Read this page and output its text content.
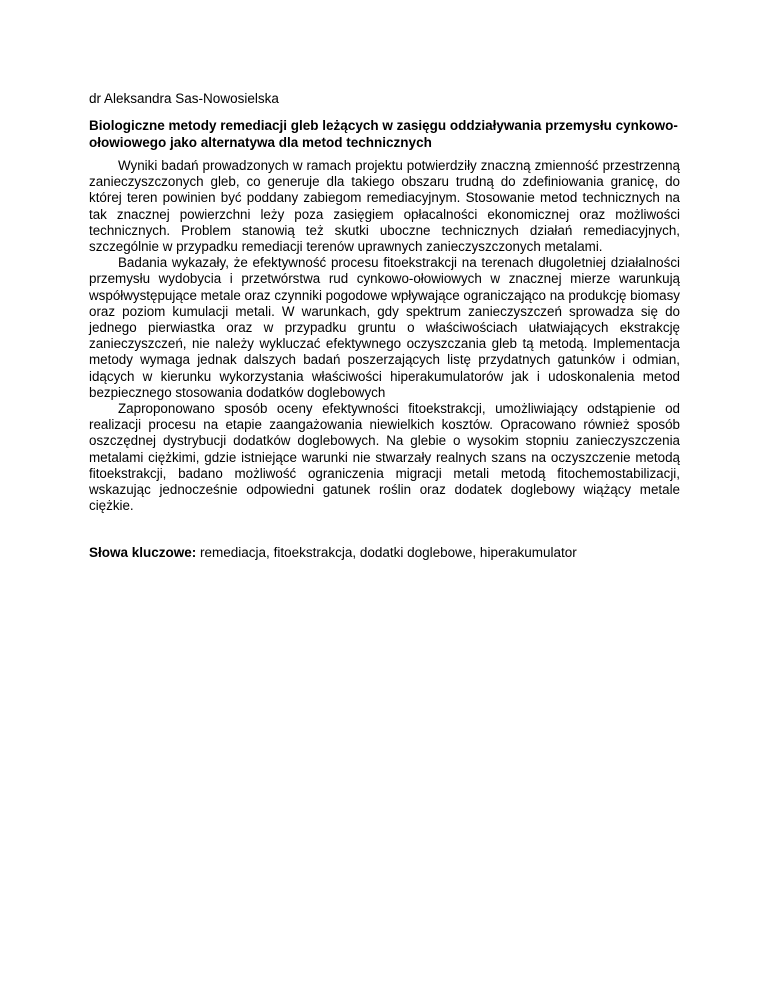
dr Aleksandra Sas-Nowosielska

Biologiczne metody remediacji gleb leżących w zasięgu oddziaływania przemysłu cynkowo-ołowiowego jako alternatywa dla metod technicznych

Wyniki badań prowadzonych w ramach projektu potwierdziły znaczną zmienność przestrzenną zanieczyszczonych gleb, co generuje dla takiego obszaru trudną do zdefiniowania granicę, do której teren powinien być poddany zabiegom remediacyjnym. Stosowanie metod technicznych na tak znacznej powierzchni leży poza zasięgiem opłacalności ekonomicznej oraz możliwości technicznych. Problem stanowią też skutki uboczne technicznych działań remediacyjnych, szczególnie w przypadku remediacji terenów uprawnych zanieczyszczonych metalami.

Badania wykazały, że efektywność procesu fitoekstrakcji na terenach długoletniej działalności przemysłu wydobycia i przetwórstwa rud cynkowo-ołowiowych w znacznej mierze warunkują współwystępujące metale oraz czynniki pogodowe wpływające ograniczająco na produkcję biomasy oraz poziom kumulacji metali. W warunkach, gdy spektrum zanieczyszczeń sprowadza się do jednego pierwiastka oraz w przypadku gruntu o właściwościach ułatwiających ekstrakcję zanieczyszczeń, nie należy wykluczać efektywnego oczyszczania gleb tą metodą. Implementacja metody wymaga jednak dalszych badań poszerzających listę przydatnych gatunków i odmian, idących w kierunku wykorzystania właściwości hiperakumulatorów jak i udoskonalenia metod bezpiecznego stosowania dodatków doglebowych

Zaproponowano sposób oceny efektywności fitoekstrakcji, umożliwiający odstąpienie od realizacji procesu na etapie zaangażowania niewielkich kosztów. Opracowano również sposób oszczędnej dystrybucji dodatków doglebowych. Na glebie o wysokim stopniu zanieczyszczenia metalami ciężkimi, gdzie istniejące warunki nie stwarzały realnych szans na oczyszczenie metodą fitoekstrakcji, badano możliwość ograniczenia migracji metali metodą fitochemostabilizacji, wskazując jednocześnie odpowiedni gatunek roślin oraz dodatek doglebowy wiążący metale ciężkie.

Słowa kluczowe: remediacja, fitoekstrakcja, dodatki doglebowe, hiperakumulator
